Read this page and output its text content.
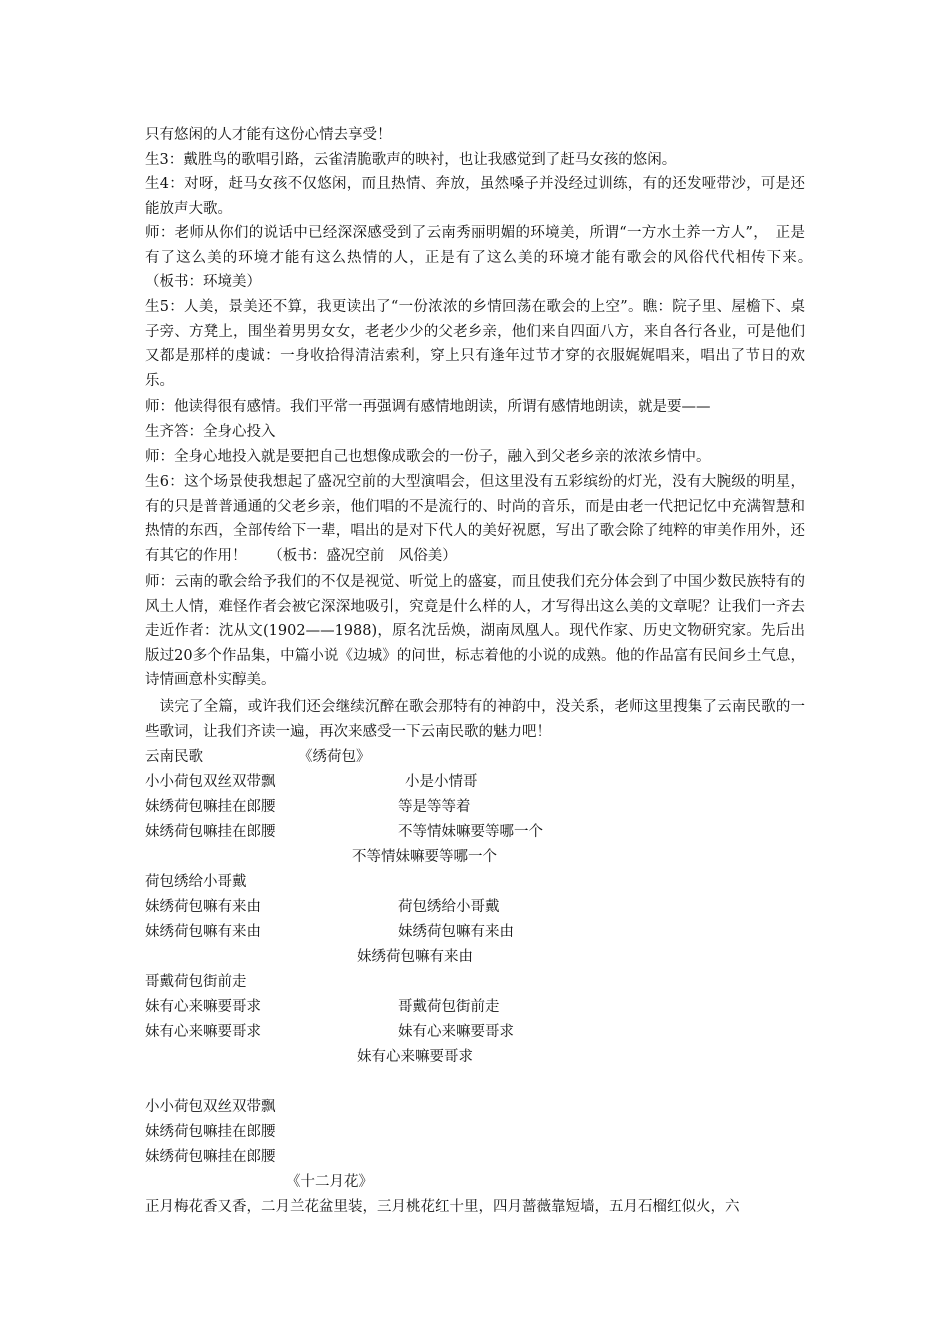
只有悠闲的人才能有这份心情去享受！

生3：戴胜鸟的歌唱引路，云雀清脆歌声的映衬，也让我感觉到了赶马女孩的悠闲。

生4：对呀，赶马女孩不仅悠闲，而且热情、奔放，虽然嗓子并没经过训练，有的还发哑带沙，可是还能放声大歌。

师：老师从你们的说话中已经深深感受到了云南秀丽明媚的环境美，所谓“一方水土养一方人”，　正是有了这么美的环境才能有这么热情的人，正是有了这么美的环境才能有歌会的风俗代代相传下来。　　　　　　　　（板书：环境美）

生5：人美，景美还不算，我更读出了“一份浓浓的乡情回荡在歌会的上空”。瞧：院子里、屋檐下、桌子旁、方凳上，围坐着男男女女，老老少少的父老乡亲，他们来自四面八方，来自各行各业，可是他们又都是那样的虔诚：一身收拾得清洁索利，穿上只有逢年过节才穿的衣服娓娓唱来，唱出了节日的欢乐。

师：他读得很有感情。我们平常一再强调有感情地朗读，所谓有感情地朗读，就是要——

生齐答：全身心投入

师：全身心地投入就是要把自己也想像成歌会的一份子，融入到父老乡亲的浓浓乡情中。

生6：这个场景使我想起了盛况空前的大型演唱会，但这里没有五彩缤纷的灯光，没有大腕级的明星，有的只是普普通通的父老乡亲，他们唱的不是流行的、时尚的音乐，而是由老一代把记忆中充满智慧和热情的东西，全部传给下一辈，唱出的是对下代人的美好祝愿，写出了歌会除了纯粹的审美作用外，还有其它的作用！　　（板书：盛况空前　风俗美）

师：云南的歌会给予我们的不仅是视觉、听觉上的盛宴，而且使我们充分体会到了中国少数民族特有的风土人情，难怪作者会被它深深地吸引，究竟是什么样的人，才写得出这么美的文章呢？让我们一齐去走近作者：沈从文(1902——1988)，原名沈岳焕，湖南凤凰人。现代作家、历史文物研究家。先后出版过20多个作品集，中篇小说《边城》的问世，标志着他的小说的成熟。他的作品富有民间乡土气息，诗情画意朴实醇美。

　读完了全篇，或许我们还会继续沉醉在歌会那特有的神韵中，没关系，老师这里搜集了云南民歌的一些歌词，让我们齐读一遍，再次来感受一下云南民歌的魅力吧！

云南民歌	《绣荷包》
小小荷包双丝双带飘	小是小情哥
妹绣荷包嘛挂在郎腰	等是等等着
妹绣荷包嘛挂在郎腰	不等情妹嘛要等哪一个
不等情妹嘛要等哪一个
荷包绣给小哥戴
妹绣荷包嘛有来由	荷包绣给小哥戴
妹绣荷包嘛有来由	妹绣荷包嘛有来由
妹绣荷包嘛有来由
哥戴荷包街前走
妹有心来嘛要哥求	哥戴荷包街前走
妹有心来嘛要哥求	妹有心来嘛要哥求
妹有心来嘛要哥求
小小荷包双丝双带飘
妹绣荷包嘛挂在郎腰
妹绣荷包嘛挂在郎腰
《十二月花》
正月梅花香又香，二月兰花盆里装，三月桃花红十里，四月蔷薇靠短墙，五月石榴红似火，六
